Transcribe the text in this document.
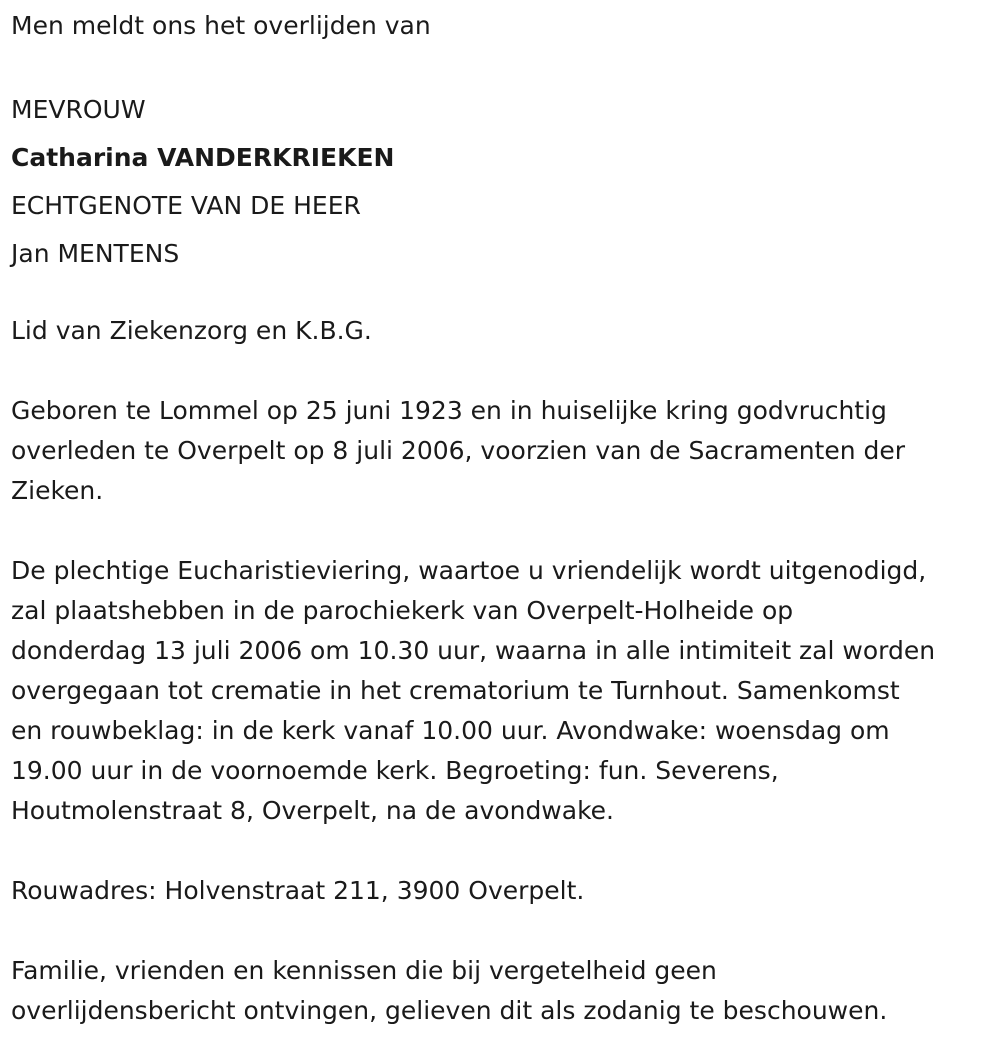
Men meldt ons het overlijden van
MEVROUW
Catharina VANDERKRIEKEN
ECHTGENOTE VAN DE HEER
Jan MENTENS
Lid van Ziekenzorg en K.B.G.
Geboren te Lommel op 25 juni 1923 en in huiselijke kring godvruchtig
overleden te Overpelt op 8 juli 2006, voorzien van de Sacramenten der
Zieken.
De plechtige Eucharistieviering, waartoe u vriendelijk wordt uitgenodigd,
zal plaatshebben in de parochiekerk van Overpelt-Holheide op
donderdag 13 juli 2006 om 10.30 uur, waarna in alle intimiteit zal worden
overgegaan tot crematie in het crematorium te Turnhout. Samenkomst
en rouwbeklag: in de kerk vanaf 10.00 uur. Avondwake: woensdag om
19.00 uur in de voornoemde kerk. Begroeting: fun. Severens,
Houtmolenstraat 8, Overpelt, na de avondwake.
Rouwadres: Holvenstraat 211, 3900 Overpelt.
Familie, vrienden en kennissen die bij vergetelheid geen
overlijdensbericht ontvingen, gelieven dit als zodanig te beschouwen.
